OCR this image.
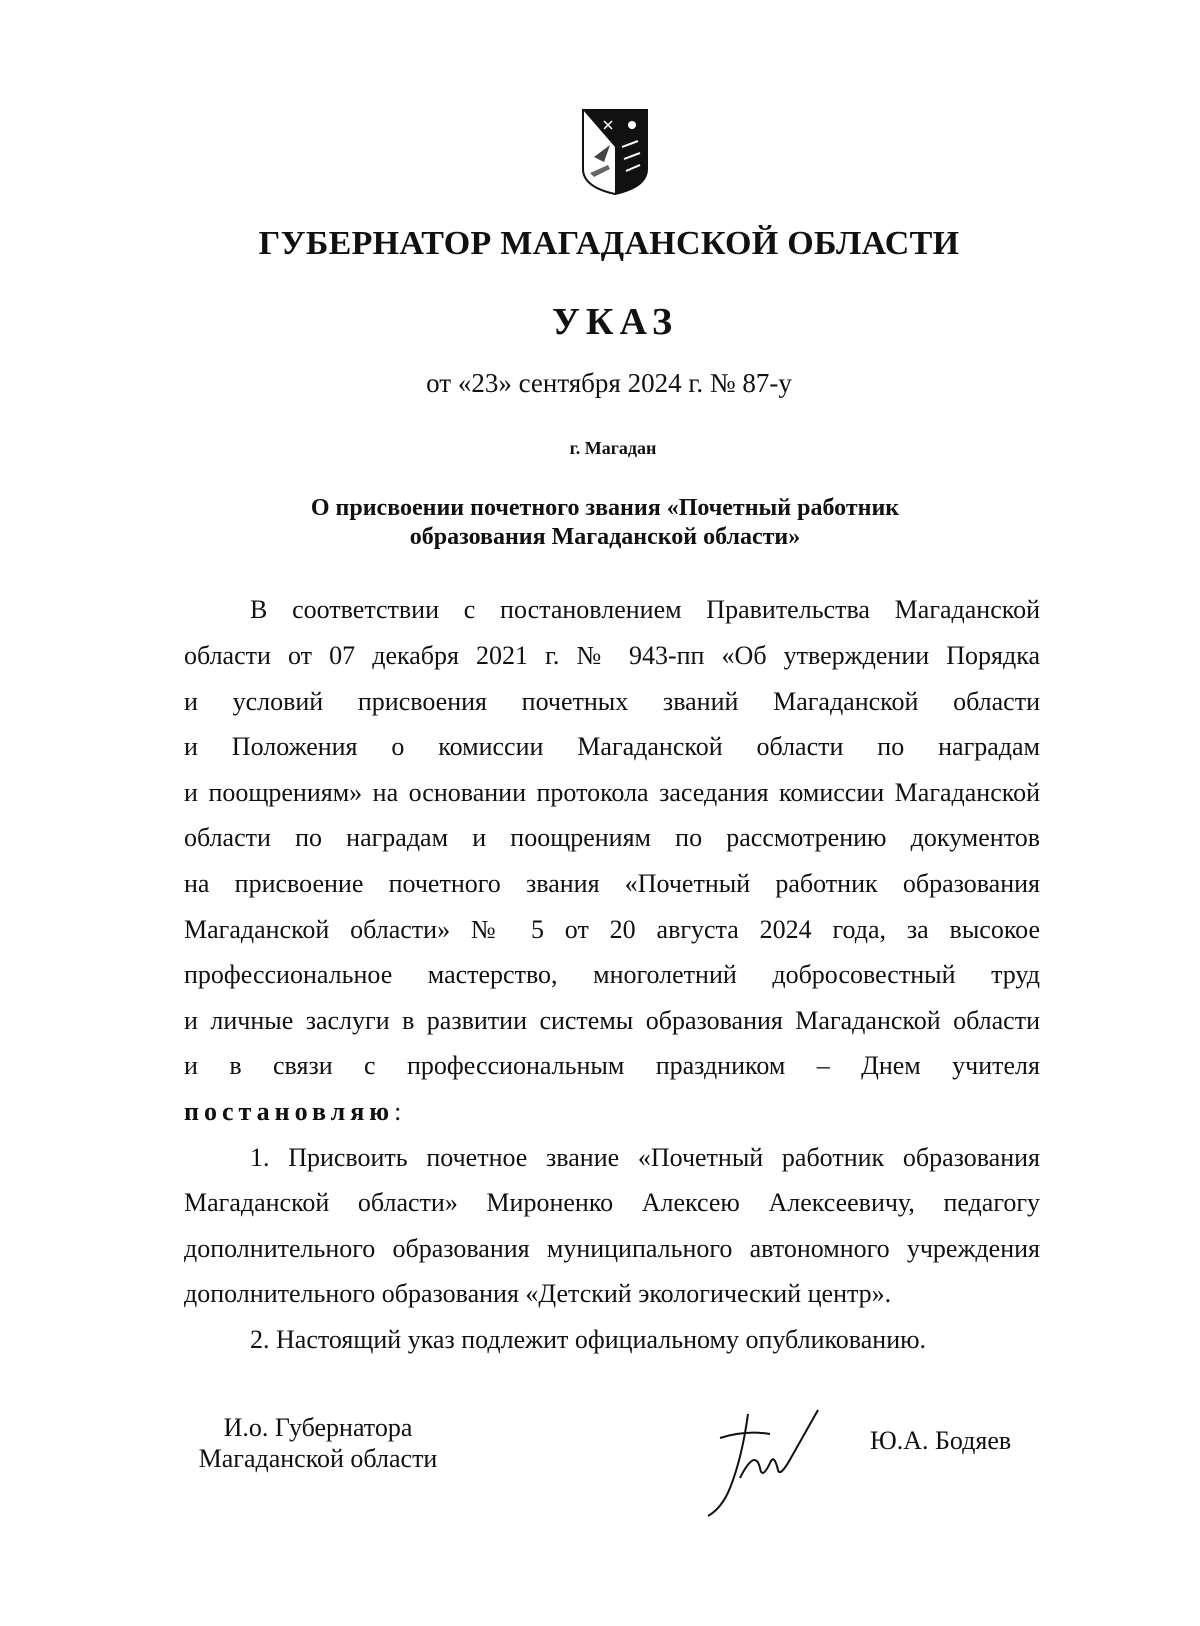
ГУБЕРНАТОР МАГАДАНСКОЙ ОБЛАСТИ
УКАЗ
от «23» сентября 2024 г. № 87-у
г. Магадан
О присвоении почетного звания «Почетный работник
образования Магаданской области»
В соответствии с постановлением Правительства Магаданской
области от 07 декабря 2021 г. № 943-пп «Об утверждении Порядка
и условий присвоения почетных званий Магаданской области
и Положения о комиссии Магаданской области по наградам
и поощрениям» на основании протокола заседания комиссии Магаданской
области по наградам и поощрениям по рассмотрению документов
на присвоение почетного звания «Почетный работник образования
Магаданской области» № 5 от 20 августа 2024 года, за высокое
профессиональное мастерство, многолетний добросовестный труд
и личные заслуги в развитии системы образования Магаданской области
и в связи с профессиональным праздником – Днем учителя
постановляю:
1. Присвоить почетное звание «Почетный работник образования
Магаданской области» Мироненко Алексею Алексеевичу, педагогу
дополнительного образования муниципального автономного учреждения
дополнительного образования «Детский экологический центр».
2. Настоящий указ подлежит официальному опубликованию.
И.о. Губернатора
Магаданской области
Ю.А. Бодяев
